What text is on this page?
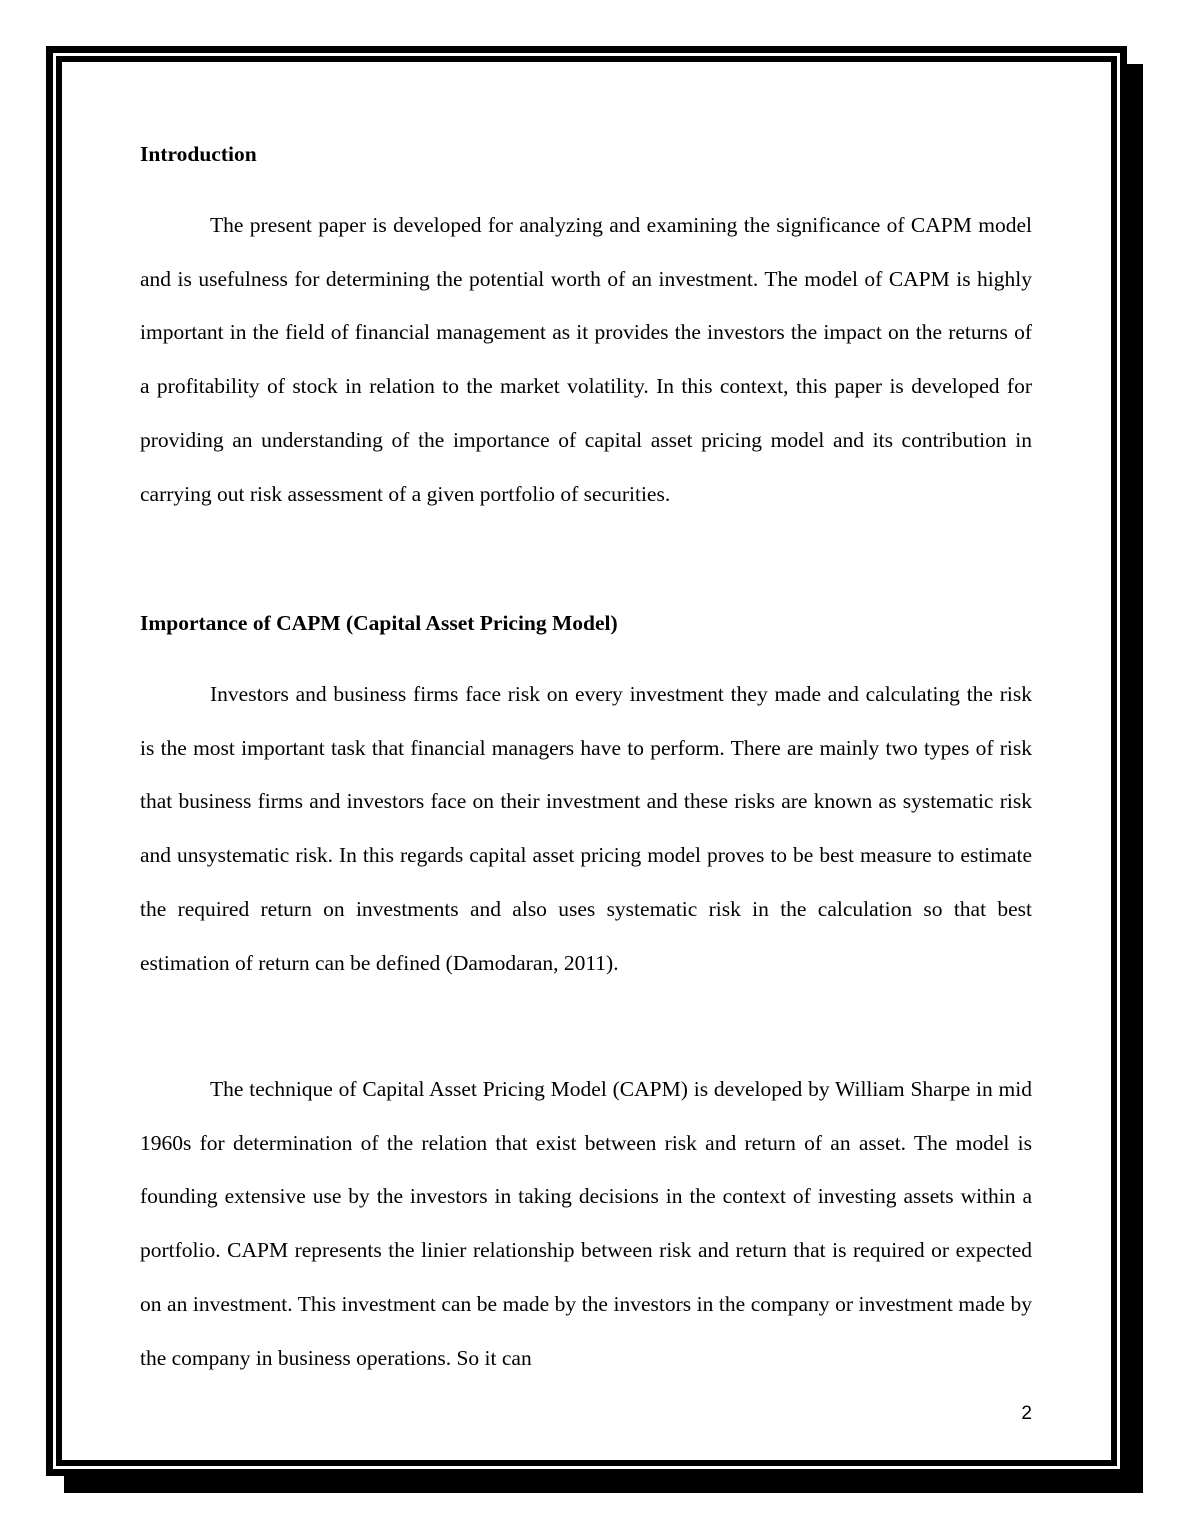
Introduction

The present paper is developed for analyzing and examining the significance of CAPM model and is usefulness for determining the potential worth of an investment. The model of CAPM is highly important in the field of financial management as it provides the investors the impact on the returns of a profitability of stock in relation to the market volatility. In this context, this paper is developed for providing an understanding of the importance of capital asset pricing model and its contribution in carrying out risk assessment of a given portfolio of securities.

Importance of CAPM (Capital Asset Pricing Model)

Investors and business firms face risk on every investment they made and calculating the risk is the most important task that financial managers have to perform. There are mainly two types of risk that business firms and investors face on their investment and these risks are known as systematic risk and unsystematic risk. In this regards capital asset pricing model proves to be best measure to estimate the required return on investments and also uses systematic risk in the calculation so that best estimation of return can be defined (Damodaran, 2011).

The technique of Capital Asset Pricing Model (CAPM) is developed by William Sharpe in mid 1960s for determination of the relation that exist between risk and return of an asset. The model is founding extensive use by the investors in taking decisions in the context of investing assets within a portfolio. CAPM represents the linier relationship between risk and return that is required or expected on an investment. This investment can be made by the investors in the company or investment made by the company in business operations. So it can

2
